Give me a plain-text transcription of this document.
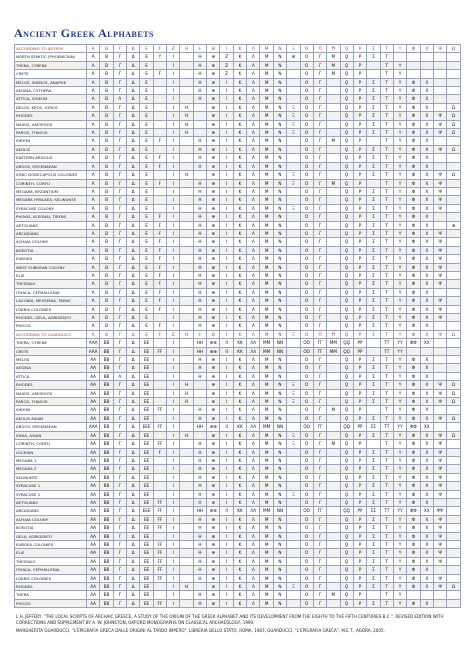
Ancient Greek Alphabets
ACCORDING TO JEFFERY	Α	Β	Γ	Δ	Ε	Ϝ	Ζ	Η	Ͱ	Θ	Ι	Κ	Λ	Μ	Ν	Ξ	Ο	Π	Ϻ	Ϙ	Ρ	Σ	Τ	Υ	Φ	Χ	Ψ	Ω
NORTH SEMITIC (PHOENICIAN)	Α	Β	Γ	Δ	Ε	Υ	Ι		Η	⊕	Ζ	Κ	Λ	Μ	Ν	⊞	Ο	Γ	Μ	Ϙ	Ρ	Σ	Τ					
THERA, CYRENE	Α	Β	Γ	Δ	Ε		Ι		Η	⊕	Ζ	Κ	Λ	Μ	Ν		Ο	Γ	Μ	Ϙ	Ρ		Τ	Υ				
CRETE	Α	Β	Γ	Δ	Ε	Ϝ	Ι		Η	⊕	Ζ	Κ	Λ	Μ	Ν		Ο	Γ	Μ	Ϙ	Ρ		Τ	Υ				
MELOS, SIKINOS, ANAPHE	Α	Β	Γ	Δ	Ε		Ι		Η	⊕	Ι	Κ	Λ	Μ	Ν		Ο	Γ		Ϙ	Ρ	Σ	Τ	Υ	Φ	Χ		
AEGINA, CYTHERA	Α	Β	Γ	Δ	Ε		Ι		Η	⊕	Ι	Κ	Λ	Μ	Ν		Ο	Γ		Ϙ	Ρ	Σ	Τ	Υ	Φ	Χ		
ATTICA, SIGEUM	Α	Β	Λ	Δ	Ε		Ι		Η	⊕	Ι	Κ	Λ	Μ	Ν		Ο	Γ		Ϙ	Ρ	Σ	Τ	Υ	Φ	Χ		
DELOS, KEOS, SYROS	Α	Β	Γ	Δ	Ε		Ι	Η		⊕	Ι	Κ	Λ	Μ	Ν	Ξ	Ο	Γ		Ϙ	Ρ	Σ	Τ	Υ	Φ	Χ		Ω
RHODES	Α	Β	Γ	Δ	Ε		Ι	Η		⊕	Ι	Κ	Λ	Μ	Ν	Ξ	Ο	Γ		Ϙ	Ρ	Σ	Τ	Υ	Φ	Χ	Ψ	Ω
NAXOS, AMORGOS	Α	Β	Γ	Δ	Ε		Ι	Η		⊕	Ι	Κ	Λ	Μ	Ν	Ξ	Ο	Γ		Ϙ	Ρ	Σ	Τ	Υ	Φ	Χ	Ψ	Ω
PAROS, THASOS	Α	Β	Γ	Δ	Ε		Ι	Η		⊕	Ι	Κ	Λ	Μ	Ν	Ξ	Ο	Γ		Ϙ	Ρ	Σ	Τ	Υ	Φ	Χ	Ψ	Ω
SIKYON	Α	Β	Γ	Δ	Ε	Ϝ	Ι		Η	⊕	Ι	Κ	Λ	Μ	Ν		Ο	Γ	Μ	Ϙ	Ρ		Τ	Υ	Φ	Χ		
AEOLIS	Α	Β	Γ	Δ	Ε		Ι		Η	⊕	Ι	Κ	Λ	Μ	Ν		Ο	Γ		Ϙ	Ρ	Σ	Τ	Υ	Φ	Χ	Ψ	Ω
EASTERN ARGOLIS	Α	Β	Γ	Δ	Ε	Ϝ	Ι		Η	⊕	Ι	Κ	Λ	Μ	Ν		Ο	Γ		Ϙ	Ρ	Σ	Τ	Υ	Φ	Χ		
ARGOS, MYCENAEAN	Α	Β	Γ	Δ	Ε	Ϝ	Ι		Η	⊕	Ι	Κ	Λ	Μ	Ν		Ο	Γ		Ϙ	Ρ	Σ	Τ	Υ	Φ	Χ		
IONIC DODECAPOLIS COLONIES	Α	Β	Γ	Δ	Ε		Ι	Η		⊕	Ι	Κ	Λ	Μ	Ν	Ξ	Ο	Γ		Ϙ	Ρ	Σ	Τ	Υ	Φ	Χ	Ψ	Ω
CORINTH, CORFU	Α	Β	Γ	Δ	Ε	Ϝ	Ι		Η	⊕	Ι	Κ	Λ	Μ	Ν	Ξ	Ο	Γ	Μ	Ϙ	Ρ		Τ	Υ	Φ	Χ	Ψ	
MEGARA, BYZANTIUM	Α	Β	Γ	Δ	Ε		Ι		Η	⊕	Ι	Κ	Λ	Μ	Ν		Ο	Γ		Ϙ	Ρ	Σ	Τ	Υ	Φ	Χ	Ψ	
MEGARA HYBLAEA, SELINUNTE	Α	Β	Γ	Δ	Ε		Ι		Η	⊕	Ι	Κ	Λ	Μ	Ν		Ο	Γ		Ϙ	Ρ	Σ	Τ	Υ	Φ	Χ	Ψ	
SYRACUSE COLONY	Α	Β	Γ	Δ	Ε		Ι		Η	⊕	Ι	Κ	Λ	Μ	Ν	Ξ	Ο	Γ		Ϙ	Ρ	Σ	Τ	Υ	Φ	Χ	Ψ	
PHOKIS, KLEONAI, TIRYNS	Α	Β	Γ	Δ	Ε	Ϝ	Ι		Η	⊕	Ι	Κ	Λ	Μ	Ν		Ο	Γ		Ϙ	Ρ	Σ	Τ	Υ	Φ	Χ		
AETOLIANS	Α	Β	Γ	Δ	Ε	Ϝ	Ι		Η	⊕	Ι	Κ	Λ	Μ	Ν		Ο	Γ		Ϙ	Ρ	Σ	Τ	Υ	Φ	Χ		⊗
ARCADIANS	Α	Β	Γ	Δ	Ε	Ϝ	Ι		Η	⊕	Ι	Κ	Λ	Μ	Ν		Ο	Γ		Ϙ	Ρ	Σ	Τ	Υ	Φ	Χ	Ψ	
ACHAIA COLONY	Α	Β	Γ	Δ	Ε	Ϝ	Ι		Η	⊕	Ι	Κ	Λ	Μ	Ν		Ο	Γ		Ϙ	Ρ	Σ	Τ	Υ	Φ	Χ	Ψ	
BOEOTIA	Α	Β	Γ	Δ	Ε	Ϝ	Ι		Η	⊕	Ι	Κ	Λ	Μ	Ν		Ο	Γ		Ϙ	Ρ	Σ	Τ	Υ	Φ	Χ	Ψ	
EUBOEA	Α	Β	Γ	Δ	Ε	Ϝ	Ι		Η	⊕	Ι	Κ	Λ	Μ	Ν		Ο	Γ		Ϙ	Ρ	Σ	Τ	Υ	Φ	Χ	Ψ	
WEST EUBOEAN COLONY	Α	Β	Γ	Δ	Ε	Ϝ	Ι		Η	⊕	Ι	Κ	Λ	Μ	Ν		Ο	Γ		Ϙ	Ρ	Σ	Τ	Υ	Φ	Χ	Ψ	
ELIS	Α	Β	Γ	Δ	Ε	Ϝ	Ι		Η	⊕	Ι	Κ	Λ	Μ	Ν		Ο	Γ		Ϙ	Ρ	Σ	Τ	Υ	Φ	Χ	Ψ	
THESSALY	Α	Β	Γ	Δ	Ε	Ϝ	Ι		Η	⊕	Ι	Κ	Λ	Μ	Ν		Ο	Γ		Ϙ	Ρ	Σ	Τ	Υ	Φ	Χ	Ψ	
ITHACA, CEPHALLENIA	Α	Β	Γ	Δ	Ε	Ϝ	Ι		Η	⊕	Ι	Κ	Λ	Μ	Ν		Ο	Γ		Ϙ	Ρ	Σ	Τ	Υ	Φ	Χ		
LACONIA, MESSENIA, TARAS	Α	Β	Γ	Δ	Ε	Ϝ	Ι		Η	⊕	Ι	Κ	Λ	Μ	Ν		Ο	Γ		Ϙ	Ρ	Σ	Τ	Υ	Φ	Χ	Ψ	
LOKRIS COLONIES	Α	Β	Γ	Δ	Ε	Ϝ	Ι		Η	⊕	Ι	Κ	Λ	Μ	Ν		Ο	Γ		Ϙ	Ρ	Σ	Τ	Υ	Φ	Χ	Ψ	
RHODES, GELA, AGRIGENTO	Α	Β	Γ	Δ	Ε		Ι		Η	⊕	Ι	Κ	Λ	Μ	Ν		Ο	Γ		Ϙ	Ρ	Σ	Τ	Υ	Φ	Χ	Ψ	
PHOCIS	Α	Β	Γ	Δ	Ε	Ϝ	Ι		Η	⊕	Ι	Κ	Λ	Μ	Ν		Ο	Γ		Ϙ	Ρ	Σ	Τ	Υ	Φ	Χ		
ACCORDING TO GUARDUCCI	Α	Β	Γ	Δ	Ε	Ϝ	Ζ	Η	Ͱ	Θ	Ι	Κ	Λ	Μ	Ν	Ξ	Ο	Π	Ϻ	Ϙ	Ρ	Σ	Τ	Υ	Φ	Χ	Ψ	Ω
THERA, CYRENE	ΑΑΑ	ΒΒ	Γ	Δ	ΕΕ		Ι		ΗΗ	⊕⊕	ΙΙ	ΚΚ	ΛΛ	ΜΜ	ΝΝ		ΟΟ	ΓΓ	ΜΜ	ϘϘ	ΡΡ		ΤΤ	ΥΥ	ΦΦ	ΧΧ		
CRETE	ΑΑΑ	ΒΒ	Γ	Δ	ΕΕ	ϜϜ	Ι		ΗΗ	⊕⊕	ΙΙ	ΚΚ	ΛΛ	ΜΜ	ΝΝ		ΟΟ	ΓΓ	ΜΜ	ϘϘ	ΡΡ		ΤΤ	ΥΥ				
MELOS	ΑΑ	ΒΒ	Γ	Δ	ΕΕ		Ι		Η	⊕	Ι	Κ	Λ	Μ	Ν		Ο	Γ		Ϙ	Ρ	Σ	Τ	Υ	Φ	Χ		
AEGINA	ΑΑ	ΒΒ	Γ	Δ	ΕΕ		Ι		Η	⊕	Ι	Κ	Λ	Μ	Ν		Ο	Γ		Ϙ	Ρ	Σ	Τ	Υ	Φ	Χ		
ATTICA	ΑΑ	ΒΒ	Λ	Δ	ΕΕ		Ι		Η	⊕	Ι	Κ	Λ	Μ	Ν		Ο	Γ		Ϙ	Ρ	Σ	Τ	Υ	Φ	Χ		
RHODES	ΑΑ	ΒΒ	Γ	Δ	ΕΕ		Ι	Η		⊕	Ι	Κ	Λ	Μ	Ν	Ξ	Ο	Γ		Ϙ	Ρ	Σ	Τ	Υ	Φ	Χ	Ψ	Ω
NAXOS, AMORGOS	ΑΑ	ΒΒ	Γ	Δ	ΕΕ		Ι	Η		⊕	Ι	Κ	Λ	Μ	Ν	Ξ	Ο	Γ		Ϙ	Ρ	Σ	Τ	Υ	Φ	Χ	Ψ	Ω
PAROS, THASOS	ΑΑ	ΒΒ	Γ	Δ	ΕΕ		Ι	Η		⊕	Ι	Κ	Λ	Μ	Ν	Ξ	Ο	Γ		Ϙ	Ρ	Σ	Τ	Υ	Φ	Χ	Ψ	Ω
SIKYON	ΑΑ	ΒΒ	Γ	Δ	ΕΕ	ϜϜ	Ι		Η	⊕	Ι	Κ	Λ	Μ	Ν		Ο	Γ	Μ	Ϙ	Ρ		Τ	Υ	Φ	Χ		
AEOLIS ASIAN	ΑΑ	ΒΒ	Γ	Δ	ΕΕ		Ι		Η	⊕	Ι	Κ	Λ	Μ	Ν		Ο	Γ		Ϙ	Ρ	Σ	Τ	Υ	Φ	Χ	Ψ	Ω
ARGOS, MYCENAEAN	ΑΑΑ	ΒΒ	Γ	Δ	ΕΕΕ	ϜϜ	Ι		ΗΗ	⊕⊕	ΙΙ	ΚΚ	ΛΛ	ΜΜ	ΝΝ		ΟΟ	ΓΓ		ϘϘ	ΡΡ	ΣΣ	ΤΤ	ΥΥ	ΦΦ	ΧΧ		
IONIA, ASIAN	ΑΑ	ΒΒ	Γ	Δ	ΕΕ		Ι	Η		⊕	Ι	Κ	Λ	Μ	Ν	Ξ	Ο	Γ		Ϙ	Ρ	Σ	Τ	Υ	Φ	Χ	Ψ	Ω
CORINTH, CORFU	ΑΑ	ΒΒ	Γ	Δ	ΕΕ	ϜϜ	Ι		Η	⊕	Ι	Κ	Λ	Μ	Ν	Ξ	Ο	Γ	Μ	Ϙ	Ρ		Τ	Υ	Φ	Χ	Ψ	
LOCRIAN	ΑΑ	ΒΒ	Γ	Δ	ΕΕ	Ϝ	Ι		Η	⊕	Ι	Κ	Λ	Μ	Ν		Ο	Γ		Ϙ	Ρ	Σ	Τ	Υ	Φ	Χ	Ψ	
MEGARA 1	ΑΑ	ΒΒ	Γ	Δ	ΕΕ		Ι		Η	⊕	Ι	Κ	Λ	Μ	Ν		Ο	Γ		Ϙ	Ρ	Σ	Τ	Υ	Φ	Χ	Ψ	
MEGARA 2	ΑΑ	ΒΒ	Γ	Δ	ΕΕ		Ι		Η	⊕	Ι	Κ	Λ	Μ	Ν		Ο	Γ		Ϙ	Ρ	Σ	Τ	Υ	Φ	Χ	Ψ	
SELINUNTE	ΑΑ	ΒΒ	Γ	Δ	ΕΕ		Ι		Η	⊕	Ι	Κ	Λ	Μ	Ν		Ο	Γ		Ϙ	Ρ	Σ	Τ	Υ	Φ	Χ	Ψ	
SYRACUSE 1	ΑΑ	ΒΒ	Γ	Δ	ΕΕ		Ι		Η	⊕	Ι	Κ	Λ	Μ	Ν		Ο	Γ		Ϙ	Ρ	Σ	Τ	Υ	Φ	Χ	Ψ	
SYRACUSE 2	ΑΑ	ΒΒ	Γ	Δ	ΕΕ		Ι		Η	⊕	Ι	Κ	Λ	Μ	Ν	Ξ	Ο	Γ		Ϙ	Ρ	Σ	Τ	Υ	Φ	Χ	Ψ	
AETOLIANS	ΑΑ	ΒΒ	Γ	Δ	ΕΕ	ϜϜ	Ι		Η	⊕	Ι	Κ	Λ	Μ	Ν		Ο	Γ		Ϙ	Ρ	Σ	Τ	Υ	Φ	Χ		
ARCADIANS	ΑΑ	ΒΒ	Γ	Δ	ΕΕΕ	ϜϜ	Ι		ΗΗ	⊕⊕	ΙΙ	ΚΚ	ΛΛ	ΜΜ	ΝΝ		ΟΟ	ΓΓ		ϘϘ	ΡΡ	ΣΣ	ΤΤ	ΥΥ	ΦΦ	ΧΧ	ΨΨ	
ACHAIA COLONY	ΑΑ	ΒΒ	Γ	Δ	ΕΕ	ϜϜ	Ι		Η	⊕	Ι	Κ	Λ	Μ	Ν		Ο	Γ		Ϙ	Ρ	Σ	Τ	Υ	Φ	Χ	Ψ	
BOEOTIA	ΑΑ	ΒΒ	Γ	Δ	ΕΕ	ϜϜ	Ι		Η	⊕	Ι	Κ	Λ	Μ	Ν		Ο	Γ		Ϙ	Ρ	Σ	Τ	Υ	Φ	Χ	Ψ	
GELA, AGRIGENTO	ΑΑ	ΒΒ	Γ	Δ	ΕΕ		Ι		Η	⊕	Ι	Κ	Λ	Μ	Ν		Ο	Γ		Ϙ	Ρ	Σ	Τ	Υ	Φ	Χ	Ψ	
EUBOEA COLONIES	ΑΑ	ΒΒ	Γ	Δ	ΕΕ	ϜϜ	Ι		Η	⊕	Ι	Κ	Λ	Μ	Ν		Ο	Γ		Ϙ	Ρ	Σ	Τ	Υ	Φ	Χ	Ψ	
ELIS	ΑΑ	ΒΒ	Γ	Δ	ΕΕ	ϜϜ	Ι		Η	⊕	Ι	Κ	Λ	Μ	Ν		Ο	Γ		Ϙ	Ρ	Σ	Τ	Υ	Φ	Χ	Ψ	
THESSALY	ΑΑ	ΒΒ	Γ	Δ	ΕΕ	ϜϜ	Ι		Η	⊕	Ι	Κ	Λ	Μ	Ν		Ο	Γ		Ϙ	Ρ	Σ	Τ	Υ	Φ	Χ	Ψ	
ITHACA, CEPHALLENIA	ΑΑ	ΒΒ	Γ	Δ	ΕΕ	ϜϜ	Ι		Η	⊕	Ι	Κ	Λ	Μ	Ν		Ο	Γ		Ϙ	Ρ	Σ	Τ	Υ	Φ	Χ		
LOKRIS COLONIES	ΑΑ	ΒΒ	Γ	Δ	ΕΕ	ϜϜ	Ι		Η	⊕	Ι	Κ	Λ	Μ	Ν		Ο	Γ		Ϙ	Ρ	Σ	Τ	Υ	Φ	Χ	Ψ	
RHODES	ΑΑ	ΒΒ	Γ	Δ	ΕΕ		Ι	Η		⊕	Ι	Κ	Λ	Μ	Ν	Ξ	Ο	Γ		Ϙ	Ρ	Σ	Τ	Υ	Φ	Χ	Ψ	Ω
THERA	ΑΑ	ΒΒ	Γ	Δ	ΕΕ		Ι		Η	⊕	Ι	Κ	Λ	Μ	Ν		Ο	Γ	Μ	Ϙ	Ρ		Τ	Υ				
PHOCIS	ΑΑ	ΒΒ	Γ	Δ	ΕΕ	ϜϜ	Ι		Η	⊕	Ι	Κ	Λ	Μ	Ν		Ο	Γ		Ϙ	Ρ	Σ	Τ	Υ	Φ	Χ		

L.H. JEFFERY, "THE LOCAL SCRIPTS OF ARCHAIC GREECE, A STUDY OF THE ORIGIN OF THE GREEK ALPHABET AND ITS DEVELOPMENT FROM THE EIGHTH TO THE FIFTH CENTURIES B.C.", REVISED EDITION WITH CORRECTIONS AND SUPPLEMENT BY A. W. JOHNSTON, OXFORD MONOGRAPHS ON CLASSICAL ARCHAEOLOGY, 1990.

MARGHERITA GUARDUCCI, "L'EPIGRAFIA GRECA DALLE ORIGINI AL TARDO IMPERO", LIBRERIA DELLO STATO, ROMA, 1987, GUARDUCCI, "L'EPIGRAFIA GRECA", M.E.T., AGORA, 2005.
